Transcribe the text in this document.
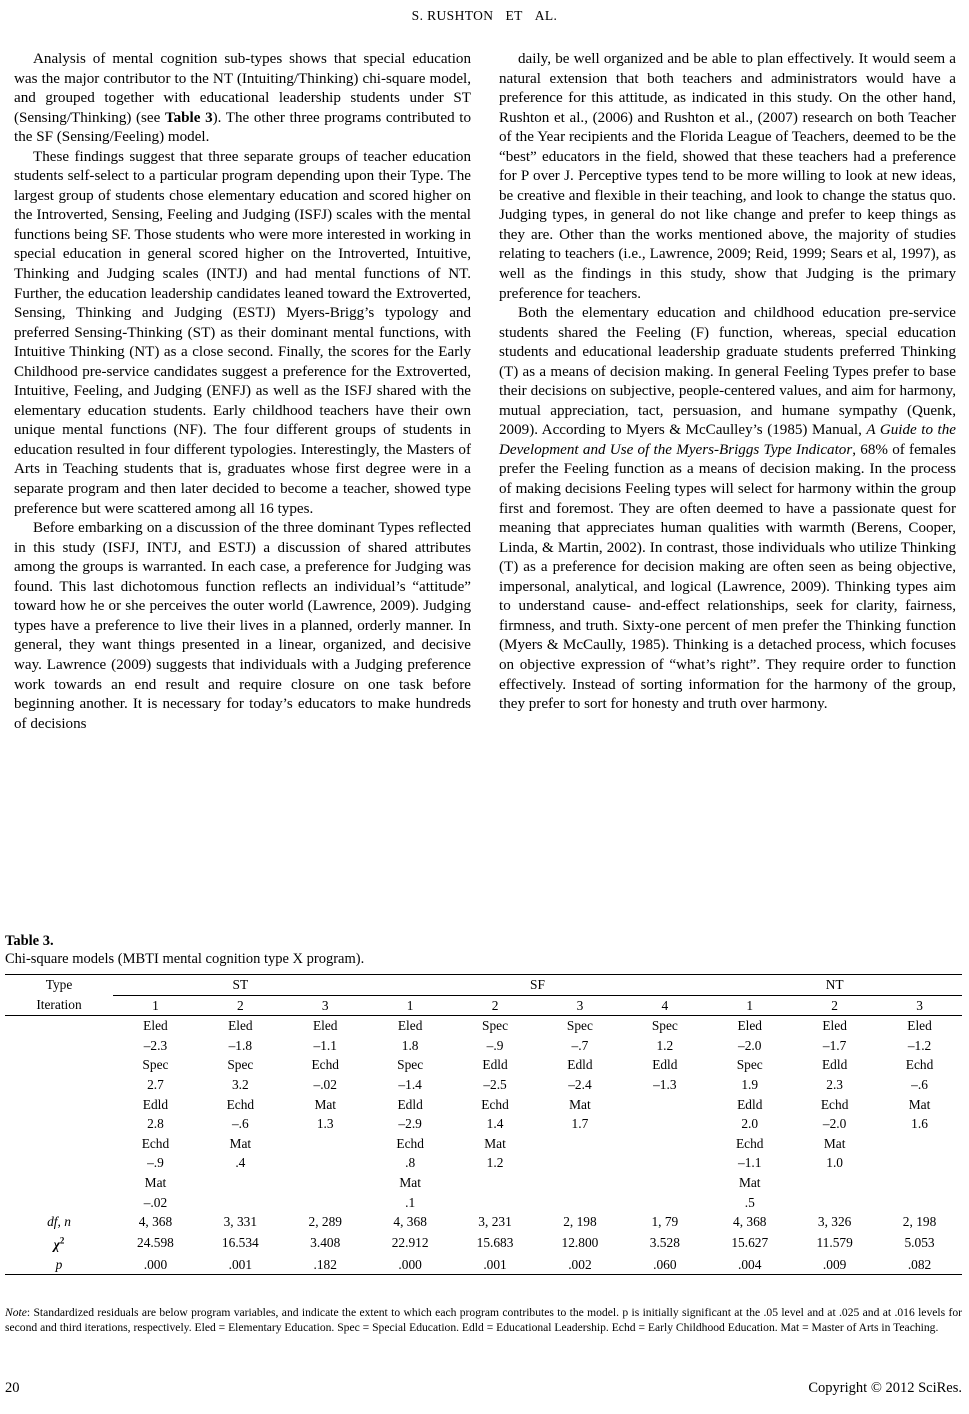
S. RUSHTON ET AL.

Analysis of mental cognition sub-types shows that special education was the major contributor to the NT (Intuiting/Thinking) chi-square model, and grouped together with educational leadership students under ST (Sensing/Thinking) (see Table 3). The other three programs contributed to the SF (Sensing/Feeling) model.

These findings suggest that three separate groups of teacher education students self-select to a particular program depending upon their Type. The largest group of students chose elementary education and scored higher on the Introverted, Sensing, Feeling and Judging (ISFJ) scales with the mental functions being SF. Those students who were more interested in working in special education in general scored higher on the Introverted, Intuitive, Thinking and Judging scales (INTJ) and had mental functions of NT. Further, the education leadership candidates leaned toward the Extroverted, Sensing, Thinking and Judging (ESTJ) Myers-Brigg’s typology and preferred Sensing-Thinking (ST) as their dominant mental functions, with Intuitive Thinking (NT) as a close second. Finally, the scores for the Early Childhood pre-service candidates suggest a preference for the Extroverted, Intuitive, Feeling, and Judging (ENFJ) as well as the ISFJ shared with the elementary education students. Early childhood teachers have their own unique mental functions (NF). The four different groups of students in education resulted in four different typologies. Interestingly, the Masters of Arts in Teaching students that is, graduates whose first degree were in a separate program and then later decided to become a teacher, showed type preference but were scattered among all 16 types.

Before embarking on a discussion of the three dominant Types reflected in this study (ISFJ, INTJ, and ESTJ) a discussion of shared attributes among the groups is warranted. In each case, a preference for Judging was found. This last dichotomous function reflects an individual’s “attitude” toward how he or she perceives the outer world (Lawrence, 2009). Judging types have a preference to live their lives in a planned, orderly manner. In general, they want things presented in a linear, organized, and decisive way. Lawrence (2009) suggests that individuals with a Judging preference work towards an end result and require closure on one task before beginning another. It is necessary for today’s educators to make hundreds of decisions

daily, be well organized and be able to plan effectively. It would seem a natural extension that both teachers and administrators would have a preference for this attitude, as indicated in this study. On the other hand, Rushton et al., (2006) and Rushton et al., (2007) research on both Teacher of the Year recipients and the Florida League of Teachers, deemed to be the “best” educators in the field, showed that these teachers had a preference for P over J. Perceptive types tend to be more willing to look at new ideas, be creative and flexible in their teaching, and look to change the status quo. Judging types, in general do not like change and prefer to keep things as they are. Other than the works mentioned above, the majority of studies relating to teachers (i.e., Lawrence, 2009; Reid, 1999; Sears et al, 1997), as well as the findings in this study, show that Judging is the primary preference for teachers.

Both the elementary education and childhood education pre-service students shared the Feeling (F) function, whereas, special education students and educational leadership graduate students preferred Thinking (T) as a means of decision making. In general Feeling Types prefer to base their decisions on subjective, people-centered values, and aim for harmony, mutual appreciation, tact, persuasion, and humane sympathy (Quenk, 2009). According to Myers & McCaulley’s (1985) Manual, A Guide to the Development and Use of the Myers-Briggs Type Indicator, 68% of females prefer the Feeling function as a means of decision making. In the process of making decisions Feeling types will select for harmony within the group first and foremost. They are often deemed to have a passionate quest for meaning that appreciates human qualities with warmth (Berens, Cooper, Linda, & Martin, 2002). In contrast, those individuals who utilize Thinking (T) as a preference for decision making are often seen as being objective, impersonal, analytical, and logical (Lawrence, 2009). Thinking types aim to understand cause- and-effect relationships, seek for clarity, fairness, firmness, and truth. Sixty-one percent of men prefer the Thinking function (Myers & McCaully, 1985). Thinking is a detached process, which focuses on objective expression of “what’s right”. They require order to function effectively. Instead of sorting information for the harmony of the group, they prefer to sort for honesty and truth over harmony.

Table 3.
Chi-square models (MBTI mental cognition type X program).
Type	ST			SF				NT		
Iteration	1	2	3	1	2	3	4	1	2	3
	Eled	Eled	Eled	Eled	Spec	Spec	Spec	Eled	Eled	Eled
	–2.3	–1.8	–1.1	1.8	–.9	–.7	1.2	–2.0	–1.7	–1.2
	Spec	Spec	Echd	Spec	Edld	Edld	Edld	Spec	Edld	Echd
	2.7	3.2	–.02	–1.4	–2.5	–2.4	–1.3	1.9	2.3	–.6
	Edld	Echd	Mat	Edld	Echd	Mat		Edld	Echd	Mat
	2.8	–.6	1.3	–2.9	1.4	1.7		2.0	–2.0	1.6
	Echd	Mat		Echd	Mat			Echd	Mat	
	–.9	.4		.8	1.2			–1.1	1.0	
	Mat			Mat				Mat		
	–.02			.1				.5		
df, n	4, 368	3, 331	2, 289	4, 368	3, 231	2, 198	1, 79	4, 368	3, 326	2, 198
$\chi^2$	24.598	16.534	3.408	22.912	15.683	12.800	3.528	15.627	11.579	5.053
p	.000	.001	.182	.000	.001	.002	.060	.004	.009	.082
Note: Standardized residuals are below program variables, and indicate the extent to which each program contributes to the model. p is initially significant at the .05 level and at .025 and at .016 levels for second and third iterations, respectively. Eled = Elementary Education. Spec = Special Education. Edld = Educational Leadership. Echd = Early Childhood Education. Mat = Master of Arts in Teaching.
20	Copyright © 2012 SciRes.
